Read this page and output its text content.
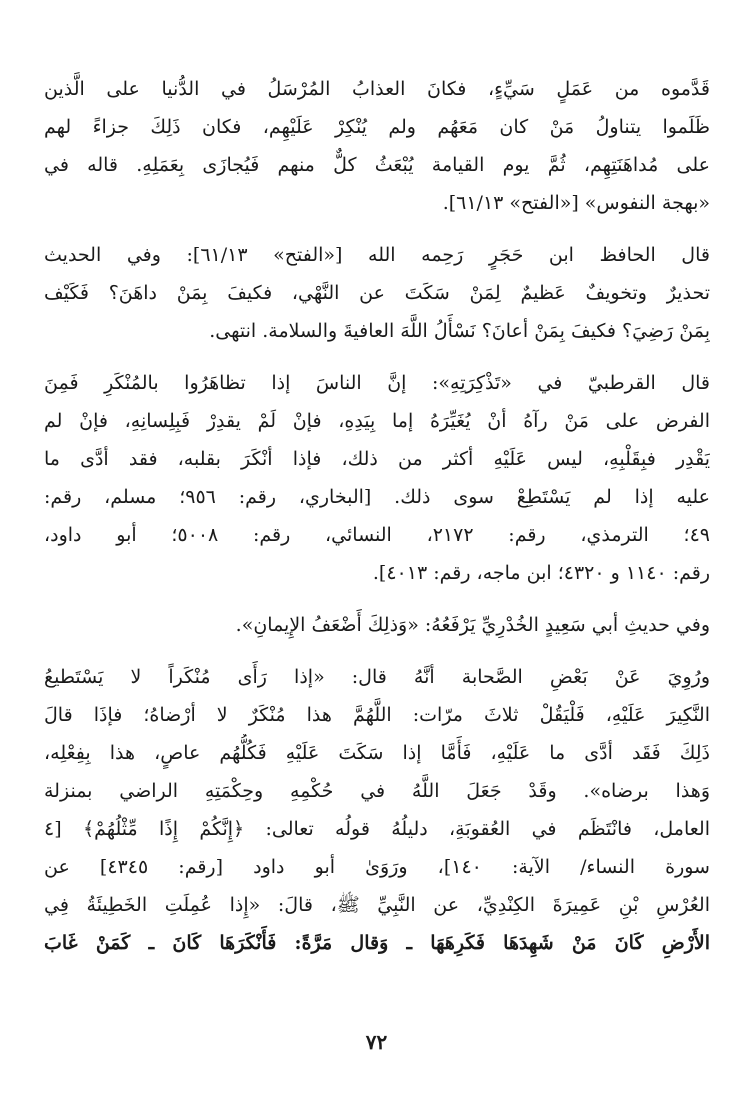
قَدَّموه من عَمَلٍ سَيِّءٍ، فكانَ العذابُ المُرْسَلُ في الدُّنيا على الَّذين
ظَلَموا يتناولُ مَنْ كان مَعَهُم ولم يُنْكِرْ عَلَيْهِم، فكان ذَلِكَ جزاءً لهم
على مُداهَنَتِهِم، ثُمَّ يوم القيامة يُبْعَثُ كلٌّ منهم فَيُجازَى بِعَمَلِهِ. قاله في
«بهجة النفوس» [«الفتح» ٦١/١٣].
قال الحافظ ابن حَجَرٍ رَحِمه الله [«الفتح» ٦١/١٣]: وفي الحديث
تحذيرٌ وتخويفٌ عَظيمٌ لِمَنْ سَكَتَ عن النَّهْي، فكيفَ بِمَنْ داهَنَ؟ فَكَيْف
بِمَنْ رَضِيَ؟ فكيفَ بِمَنْ أعانَ؟ نَسْأَلُ اللَّهَ العافيةَ والسلامة. انتهى.
قال القرطبيّ في «تَذْكِرَتِهِ»: إنَّ الناسَ إذا تظاهَرُوا بالمُنْكَرِ فَمِنَ
الفرض على مَنْ رآهُ أنْ يُغَيِّرَهُ إما بِيَدِهِ، فإنْ لَمْ يقدِرْ فَبِلِسانِهِ، فإنْ لم
يَقْدِر فبِقَلْبِهِ، ليس عَلَيْهِ أكثر من ذلك، فإذا أنْكَرَ بقلبه، فقد أدَّى ما
عليه إذا لم يَسْتَطِعْ سوى ذلك. [البخاري، رقم: ٩٥٦؛ مسلم، رقم:
٤٩؛ الترمذي، رقم: ٢١٧٢، النسائي، رقم: ٥٠٠٨؛ أبو داود،
رقم: ١١٤٠ و ٤٣٢٠؛ ابن ماجه، رقم: ٤٠١٣].
وفي حديثِ أبي سَعِيدٍ الخُدْرِيِّ يَرْفَعُهُ: «وَذلِكَ أَضْعَفُ الإِيمانِ».
ورُوِيَ عَنْ بَعْضِ الصَّحابة أنَّهُ قال: «إذا رَأَى مُنْكَراً لا يَسْتَطيعُ
النَّكِيرَ عَلَيْهِ، فَلْيَقُلْ ثلاثَ مرّات: اللَّهُمَّ هذا مُنْكَرٌ لا أرْضاهُ؛ فإذَا قالَ
ذَلِكَ فَقَد أدَّى ما عَلَيْهِ، فَأَمَّا إذا سَكَتَ عَلَيْهِ فَكُلُّهُم عاصٍ، هذا بِفِعْلِه،
وَهذا برضاه». وقَدْ جَعَلَ اللَّهُ في حُكْمِهِ وحِكْمَتِهِ الراضي بمنزلة
العامل، فانْتَظَم في العُقوبَةِ، دليلُهُ قولُه تعالى: ﴿إِنَّكُمْ إِذًا مِّثْلُهُمْ﴾ [٤
سورة النساء/ الآية: ١٤٠]، ورَوَىٰ أبو داود [رقم: ٤٣٤٥] عن
العُرْسِ بْنِ عَمِيرَةَ الكِنْدِيِّ، عن النَّبِيِّ ﷺ، قالَ: «إِذا عُمِلَتِ الخَطِيئَةُ فِي
الأَرْضِ كَانَ مَنْ شَهِدَهَا فَكَرِهَهَا ـ وَقال مَرَّةً: فَأَنْكَرَهَا كَانَ ـ كَمَنْ غَابَ
٧٢
